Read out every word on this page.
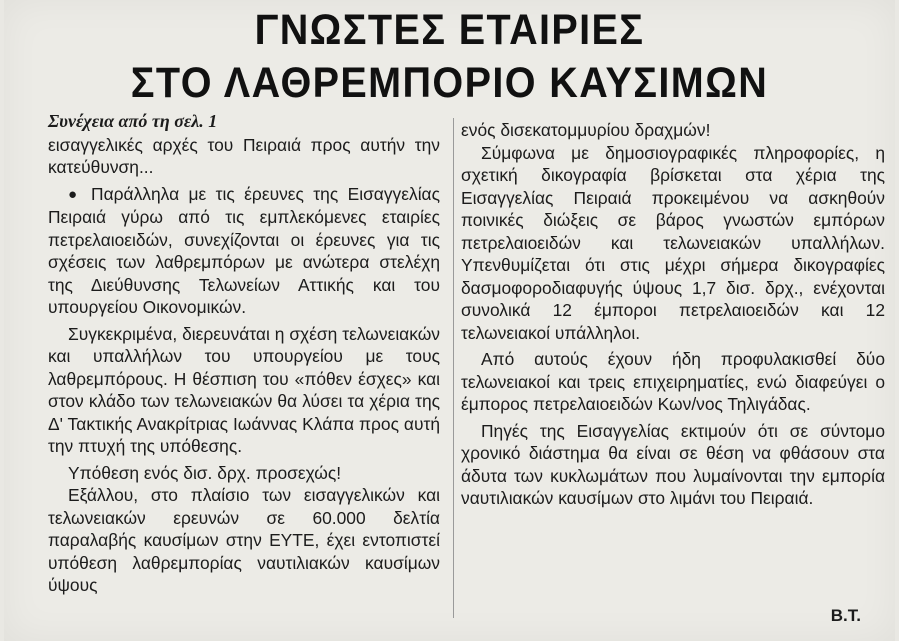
ΓΝΩΣΤΕΣ ΕΤΑΙΡΙΕΣ
ΣΤΟ ΛΑΘΡΕΜΠΟΡΙΟ ΚΑΥΣΙΜΩΝ
Συνέχεια από τη σελ. 1

εισαγγελικές αρχές του Πειραιά προς αυτήν την κατεύθυνση...

● Παράλληλα με τις έρευνες της Εισαγγελίας Πειραιά γύρω από τις εμπλεκόμενες εταιρίες πετρελαιοειδών, συνεχίζονται οι έρευνες για τις σχέσεις των λαθρεμπόρων με ανώτερα στελέχη της Διεύθυνσης Τελωνείων Αττικής και του υπουργείου Οικονομικών.

Συγκεκριμένα, διερευνάται η σχέση τελωνειακών και υπαλλήλων του υπουργείου με τους λαθρεμπόρους. Η θέσπιση του «πόθεν έσχες» και στον κλάδο των τελωνειακών θα λύσει τα χέρια της Δ' Τακτικής Ανακρίτριας Ιωάννας Κλάπα προς αυτή την πτυχή της υπόθεσης.

Υπόθεση ενός δισ. δρχ. προσεχώς!

Εξάλλου, στο πλαίσιο των εισαγγελικών και τελωνειακών ερευνών σε 60.000 δελτία παραλαβής καυσίμων στην ΕΥΤΕ, έχει εντοπιστεί υπόθεση λαθρεμπορίας ναυτιλιακών καυσίμων ύψους

ενός δισεκατομμυρίου δραχμών!

Σύμφωνα με δημοσιογραφικές πληροφορίες, η σχετική δικογραφία βρίσκεται στα χέρια της Εισαγγελίας Πειραιά προκειμένου να ασκηθούν ποινικές διώξεις σε βάρος γνωστών εμπόρων πετρελαιοειδών και τελωνειακών υπαλλήλων. Υπενθυμίζεται ότι στις μέχρι σήμερα δικογραφίες δασμοφοροδιαφυγής ύψους 1,7 δισ. δρχ., ενέχονται συνολικά 12 έμποροι πετρελαιοειδών και 12 τελωνειακοί υπάλληλοι.

Από αυτούς έχουν ήδη προφυλακισθεί δύο τελωνειακοί και τρεις επιχειρηματίες, ενώ διαφεύγει ο έμπορος πετρελαιοειδών Κων/νος Τηλιγάδας.

Πηγές της Εισαγγελίας εκτιμούν ότι σε σύντομο χρονικό διάστημα θα είναι σε θέση να φθάσουν στα άδυτα των κυκλωμάτων που λυμαίνονται την εμπορία ναυτιλιακών καυσίμων στο λιμάνι του Πειραιά.

Β.Τ.
